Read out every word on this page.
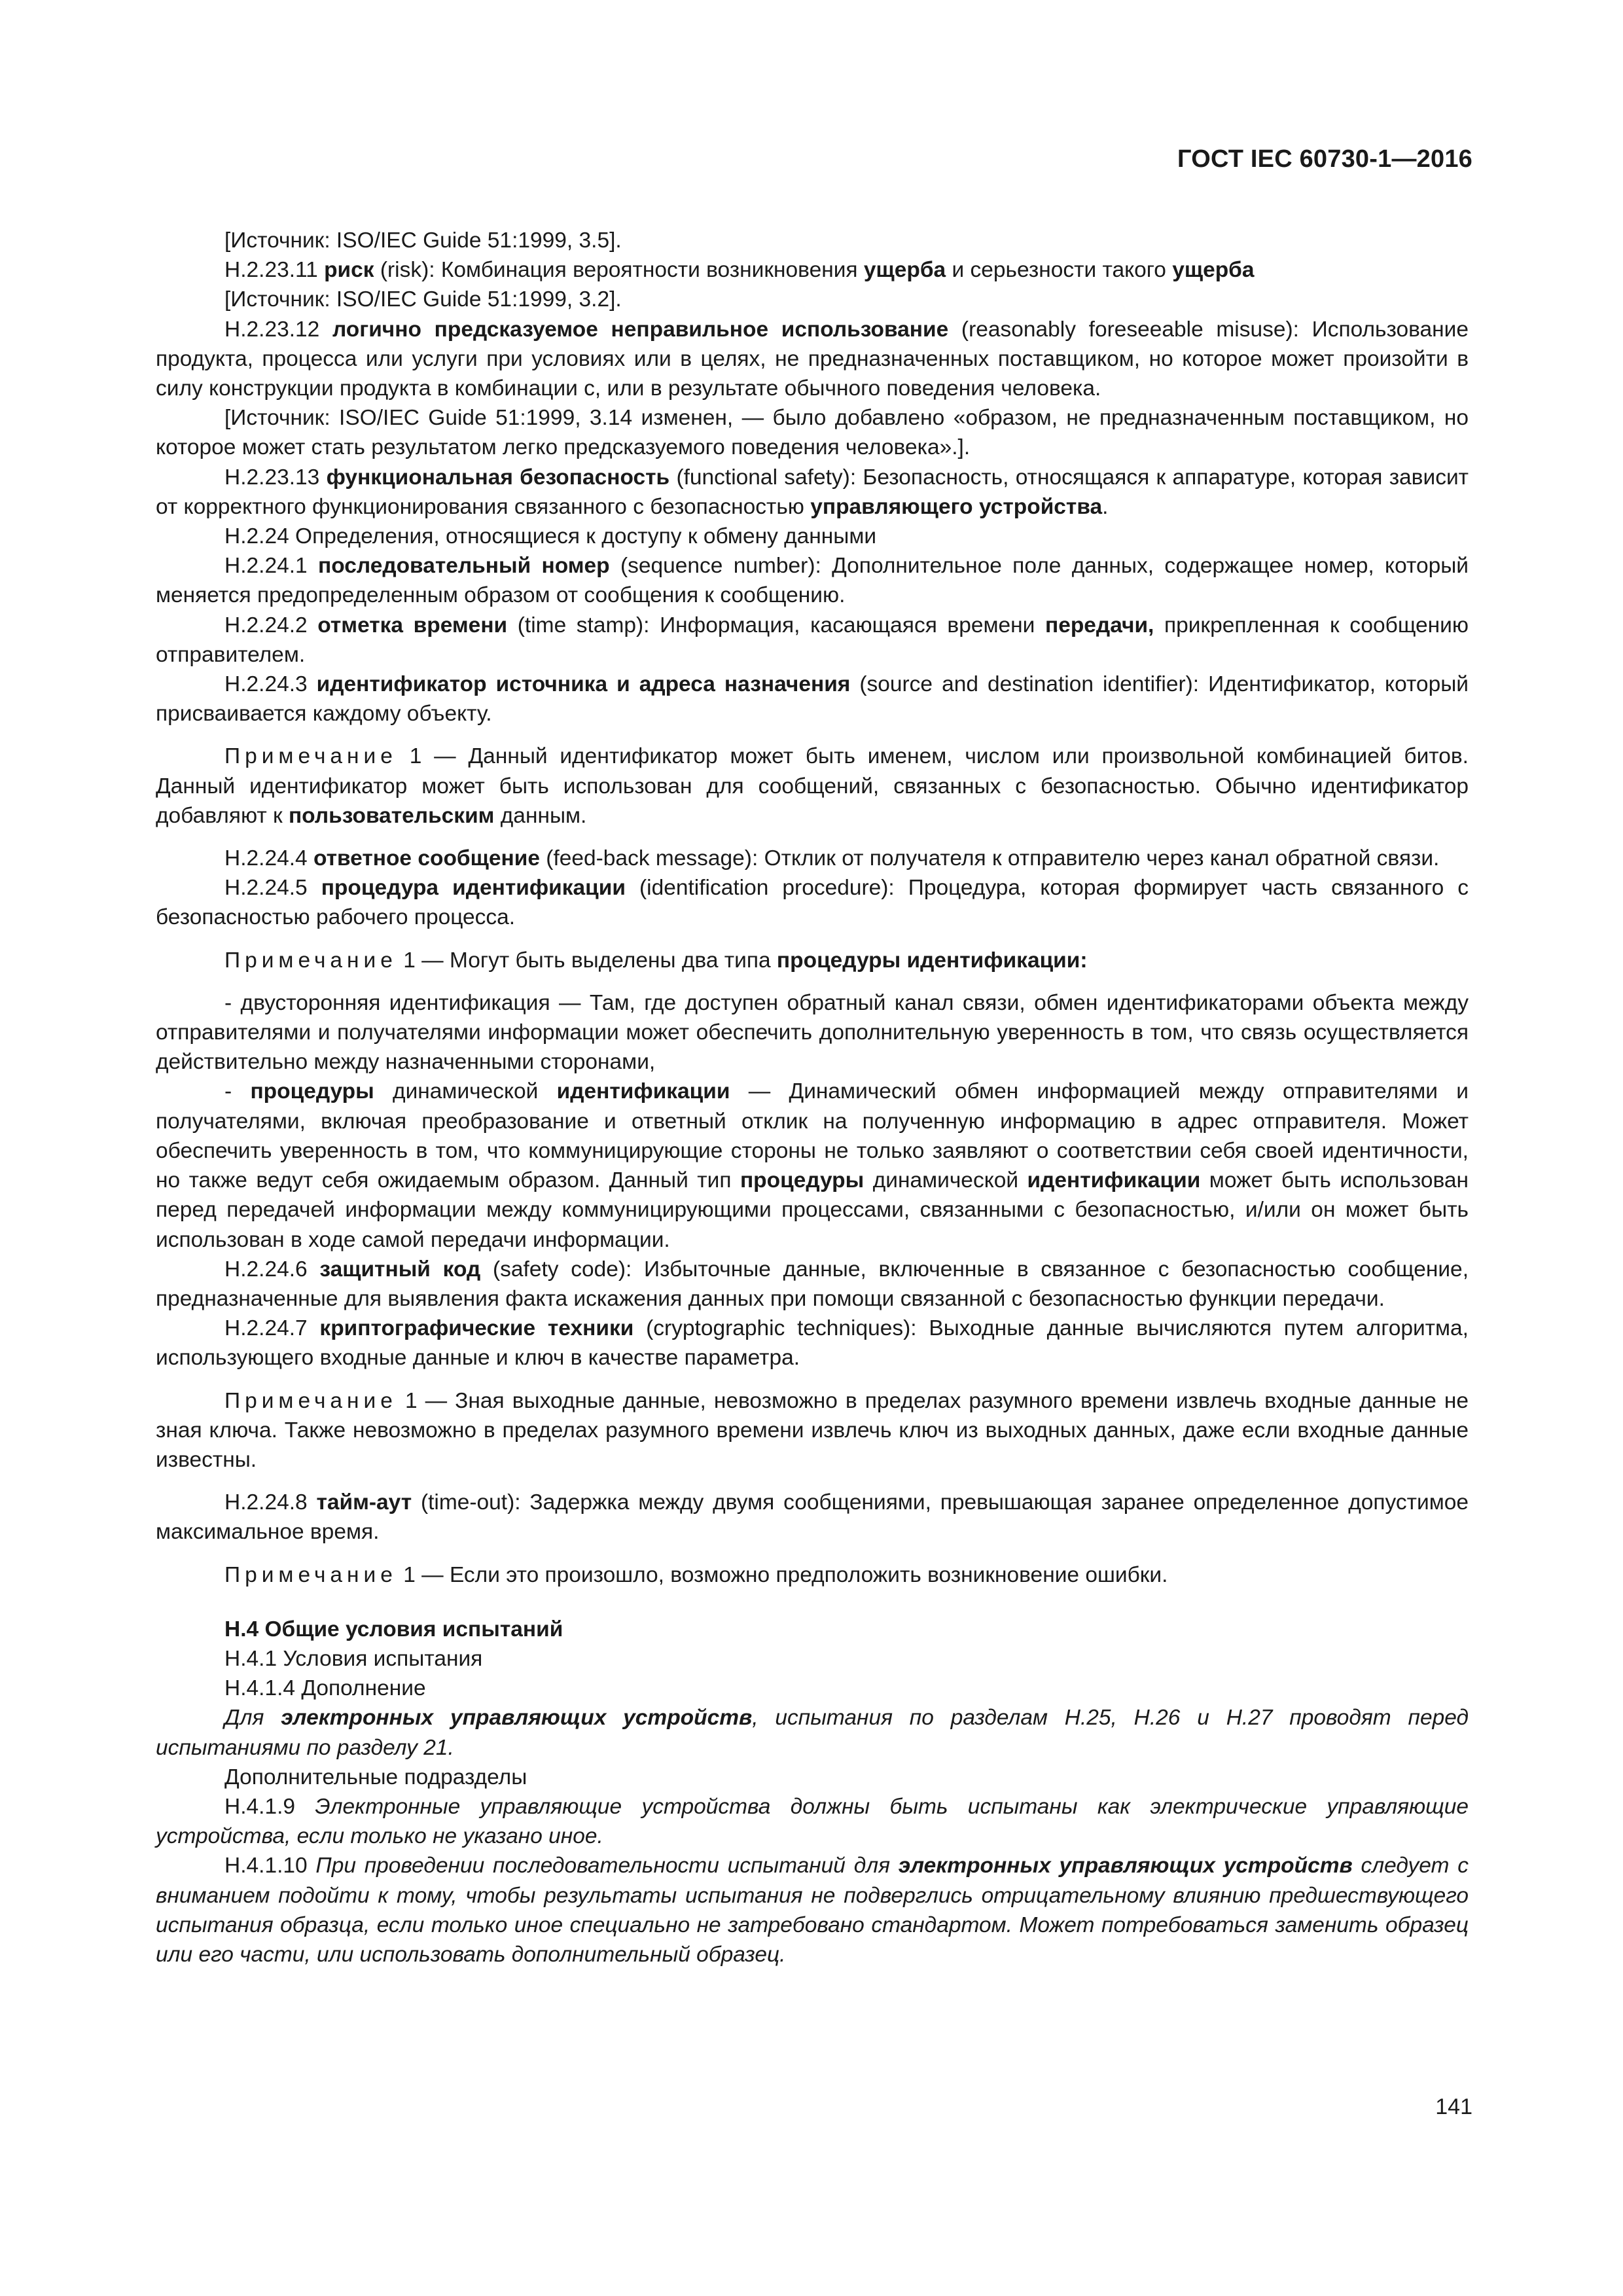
ГОСТ IEC 60730-1—2016

[Источник: ISO/IEC Guide 51:1999, 3.5].

Н.2.23.11 риск (risk): Комбинация вероятности возникновения ущерба и серьезности такого ущерба

[Источник: ISO/IEC Guide 51:1999, 3.2].

Н.2.23.12 логично предсказуемое неправильное использование (reasonably foreseeable misuse): Использование продукта, процесса или услуги при условиях или в целях, не предназначенных поставщиком, но которое может произойти в силу конструкции продукта в комбинации с, или в результате обычного поведения человека.

[Источник: ISO/IEC Guide 51:1999, 3.14 изменен, — было добавлено «образом, не предназначенным поставщиком, но которое может стать результатом легко предсказуемого поведения человека».].

Н.2.23.13 функциональная безопасность (functional safety): Безопасность, относящаяся к аппаратуре, которая зависит от корректного функционирования связанного с безопасностью управляющего устройства.

Н.2.24 Определения, относящиеся к доступу к обмену данными

Н.2.24.1 последовательный номер (sequence number): Дополнительное поле данных, содержащее номер, который меняется предопределенным образом от сообщения к сообщению.

Н.2.24.2 отметка времени (time stamp): Информация, касающаяся времени передачи, прикрепленная к сообщению отправителем.

Н.2.24.3 идентификатор источника и адреса назначения (source and destination identifier): Идентификатор, который присваивается каждому объекту.

Примечание 1 — Данный идентификатор может быть именем, числом или произвольной комбинацией битов. Данный идентификатор может быть использован для сообщений, связанных с безопасностью. Обычно идентификатор добавляют к пользовательским данным.

Н.2.24.4 ответное сообщение (feed-back message): Отклик от получателя к отправителю через канал обратной связи.

Н.2.24.5 процедура идентификации (identification procedure): Процедура, которая формирует часть связанного с безопасностью рабочего процесса.

Примечание 1 — Могут быть выделены два типа процедуры идентификации:

- двусторонняя идентификация — Там, где доступен обратный канал связи, обмен идентификаторами объекта между отправителями и получателями информации может обеспечить дополнительную уверенность в том, что связь осуществляется действительно между назначенными сторонами,

- процедуры динамической идентификации — Динамический обмен информацией между отправителями и получателями, включая преобразование и ответный отклик на полученную информацию в адрес отправителя. Может обеспечить уверенность в том, что коммуницирующие стороны не только заявляют о соответствии себя своей идентичности, но также ведут себя ожидаемым образом. Данный тип процедуры динамической идентификации может быть использован перед передачей информации между коммуницирующими процессами, связанными с безопасностью, и/или он может быть использован в ходе самой передачи информации.

Н.2.24.6 защитный код (safety code): Избыточные данные, включенные в связанное с безопасностью сообщение, предназначенные для выявления факта искажения данных при помощи связанной с безопасностью функции передачи.

Н.2.24.7 криптографические техники (cryptographic techniques): Выходные данные вычисляются путем алгоритма, использующего входные данные и ключ в качестве параметра.

Примечание 1 — Зная выходные данные, невозможно в пределах разумного времени извлечь входные данные не зная ключа. Также невозможно в пределах разумного времени извлечь ключ из выходных данных, даже если входные данные известны.

Н.2.24.8 тайм-аут (time-out): Задержка между двумя сообщениями, превышающая заранее определенное допустимое максимальное время.

Примечание 1 — Если это произошло, возможно предположить возникновение ошибки.

Н.4 Общие условия испытаний

Н.4.1 Условия испытания

Н.4.1.4 Дополнение

Для электронных управляющих устройств, испытания по разделам Н.25, Н.26 и Н.27 проводят перед испытаниями по разделу 21.

Дополнительные подразделы

Н.4.1.9 Электронные управляющие устройства должны быть испытаны как электрические управляющие устройства, если только не указано иное.

Н.4.1.10 При проведении последовательности испытаний для электронных управляющих устройств следует с вниманием подойти к тому, чтобы результаты испытания не подверглись отрицательному влиянию предшествующего испытания образца, если только иное специально не затребовано стандартом. Может потребоваться заменить образец или его части, или использовать дополнительный образец.

141
